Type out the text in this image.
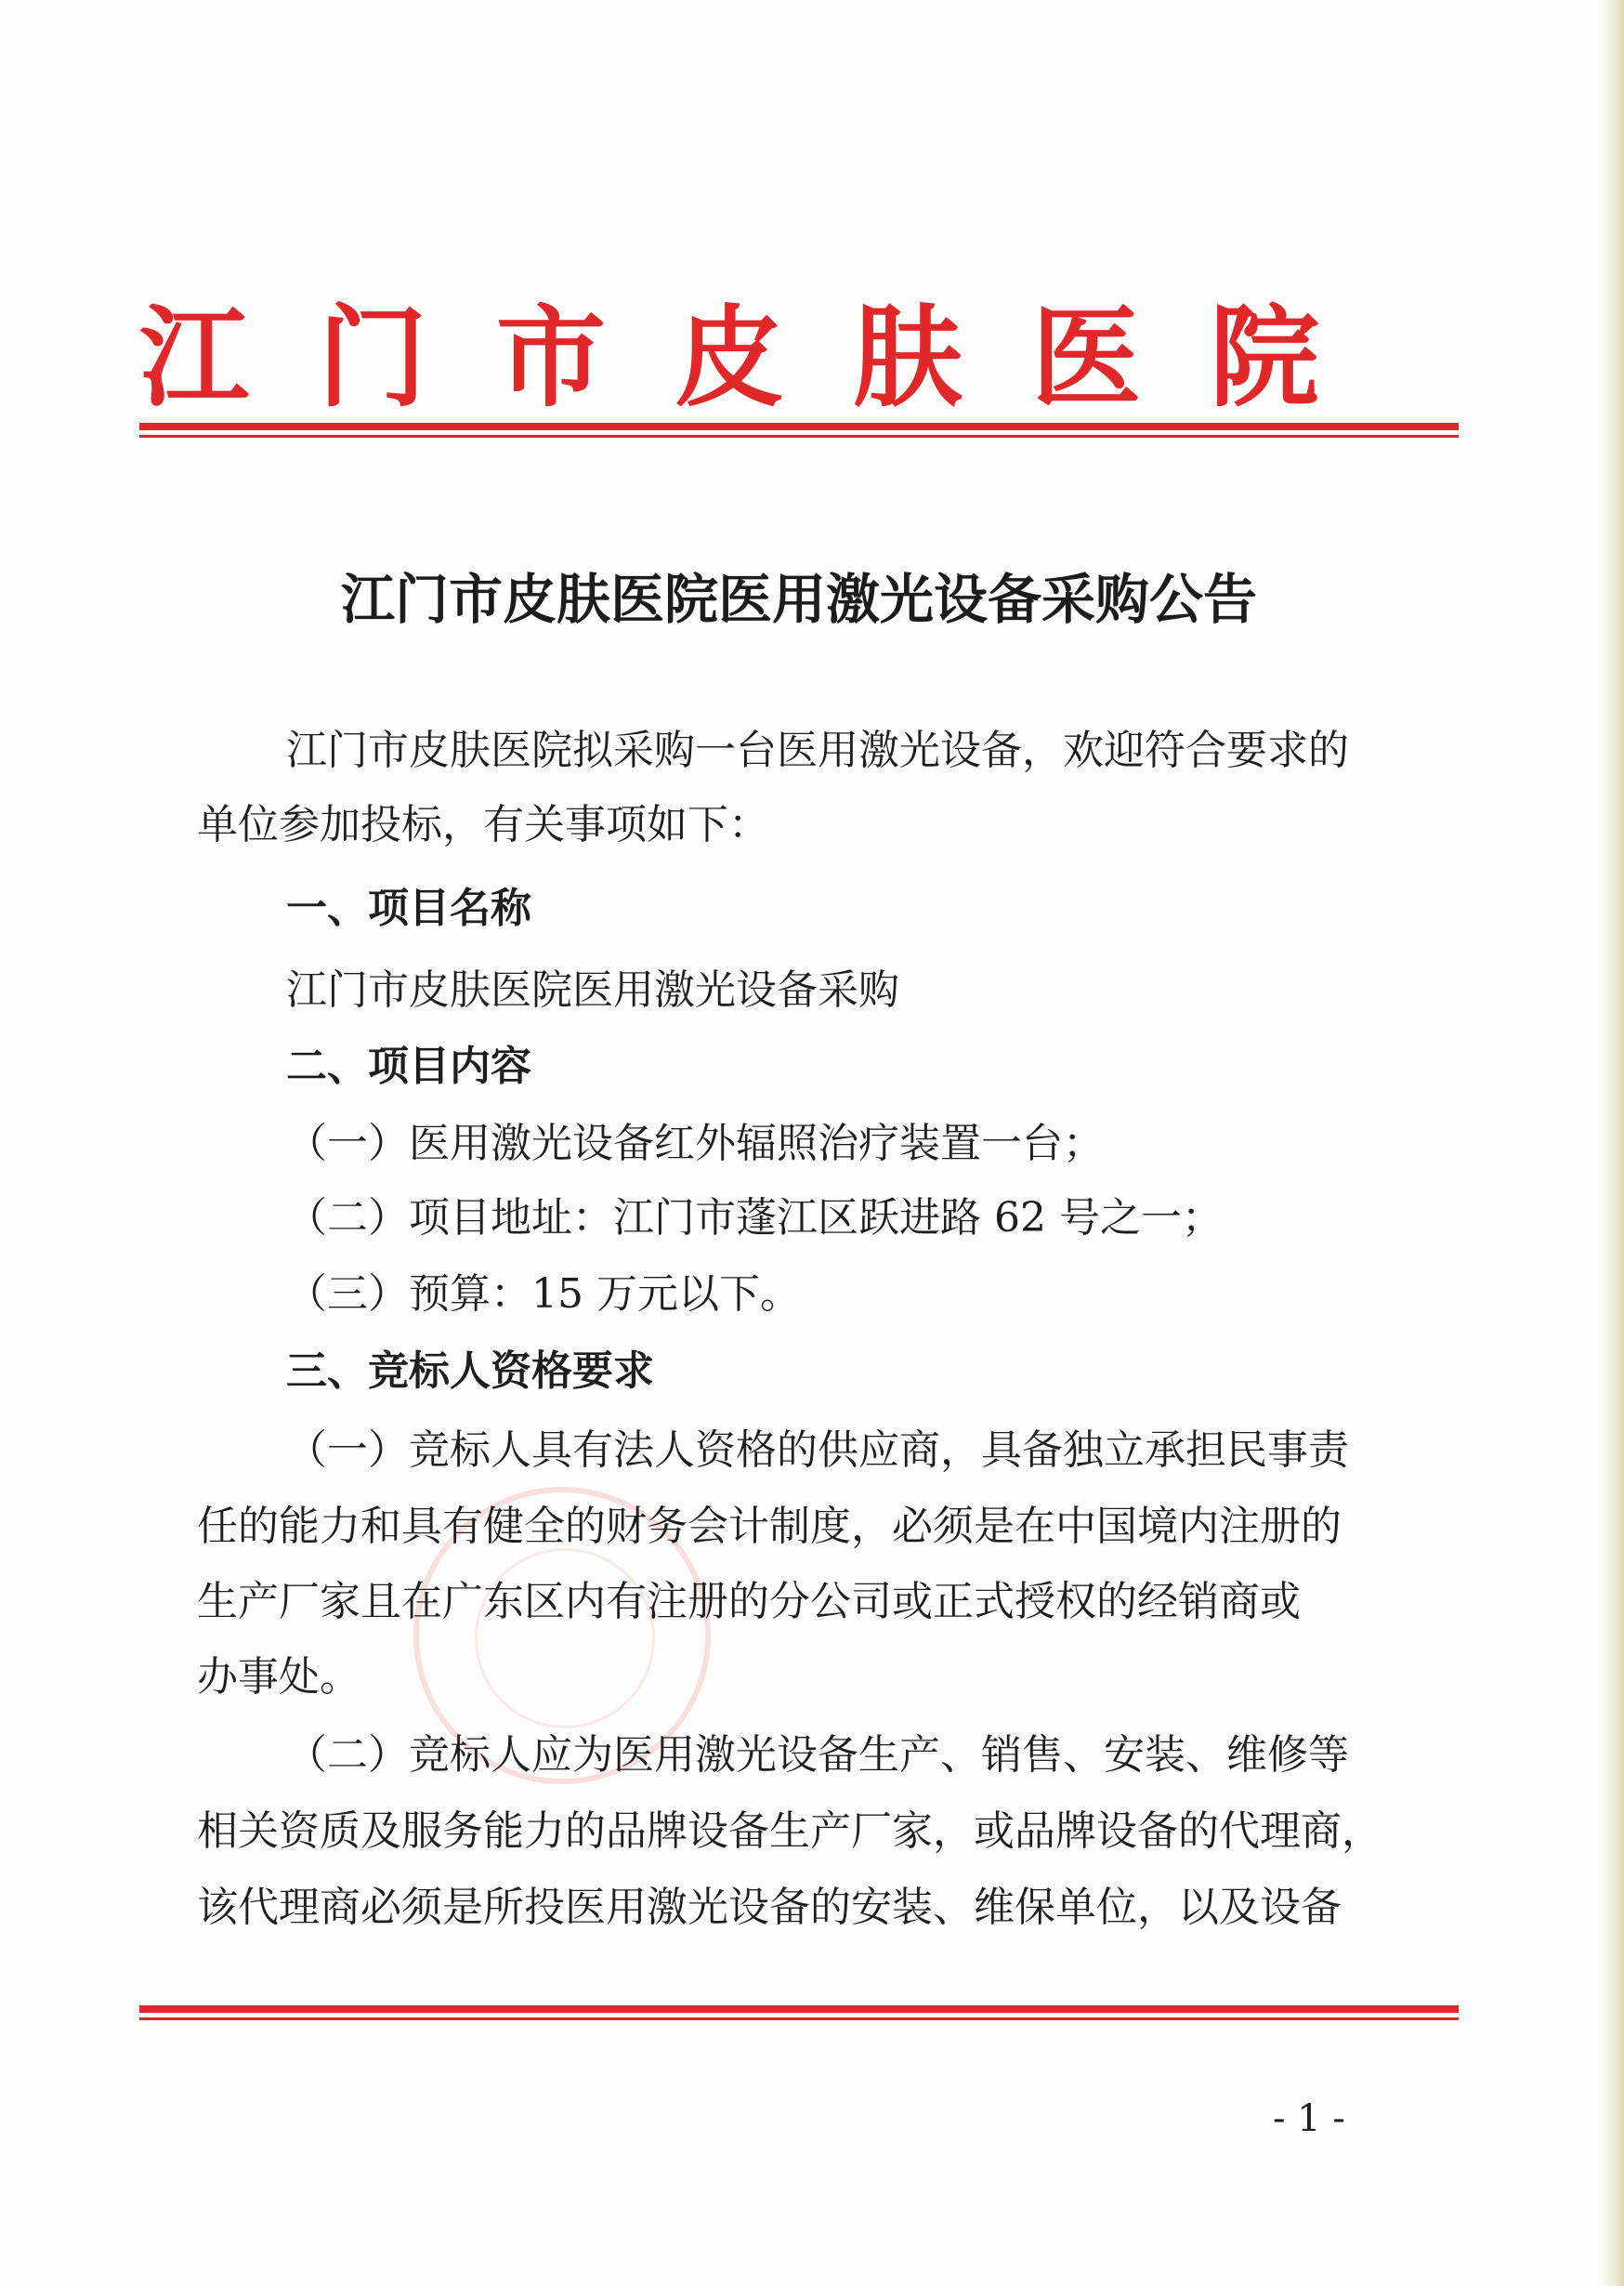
江门市皮肤医院
江门市皮肤医院医用激光设备采购公告
江门市皮肤医院拟采购一台医用激光设备，欢迎符合要求的
单位参加投标，有关事项如下：
一、项目名称
江门市皮肤医院医用激光设备采购
二、项目内容
（一）医用激光设备红外辐照治疗装置一台；
（二）项目地址：江门市蓬江区跃进路 62 号之一；
（三）预算：15 万元以下。
三、竞标人资格要求
（一）竞标人具有法人资格的供应商，具备独立承担民事责
任的能力和具有健全的财务会计制度，必须是在中国境内注册的
生产厂家且在广东区内有注册的分公司或正式授权的经销商或
办事处。
（二）竞标人应为医用激光设备生产、销售、安装、维修等
相关资质及服务能力的品牌设备生产厂家，或品牌设备的代理商，
该代理商必须是所投医用激光设备的安装、维保单位，以及设备
- 1 -
